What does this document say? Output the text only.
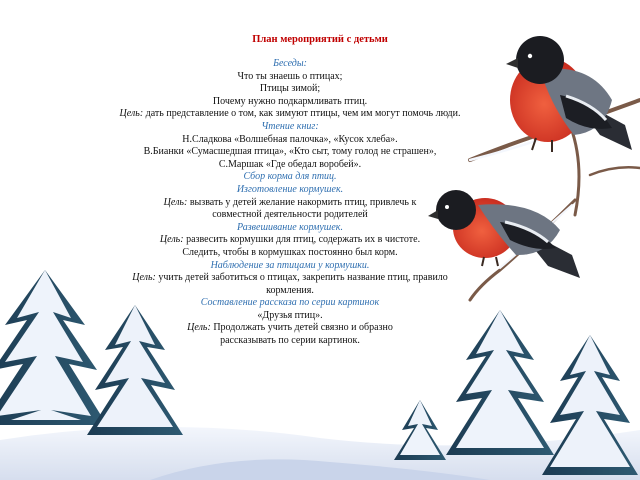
План мероприятий с детьми
Беседы:
Что ты знаешь о птицах;
Птицы зимой;
Почему нужно подкармливать птиц.
Цель: дать представление о том, как зимуют птицы, чем им могут помочь люди.
Чтение книг:
Н.Сладкова «Волшебная палочка», «Кусок хлеба».
В.Бианки «Сумасшедшая птица», «Кто сыт, тому голод не страшен»,
С.Маршак «Где обедал воробей».
Сбор корма для птиц.
Изготовление кормушек.
Цель: вызвать у детей желание накормить птиц, привлечь к
совместной деятельности родителей
Развешивание кормушек.
Цель: развесить кормушки для птиц, содержать их в чистоте.
Следить, чтобы в кормушках постоянно был корм.
Наблюдение за птицами у кормушки.
Цель: учить детей заботиться о птицах, закрепить название птиц, правило
кормления.
Составление рассказа по серии картинок
«Друзья птиц».
Цель: Продолжать учить детей связно и образно
рассказывать по серии картинок.
